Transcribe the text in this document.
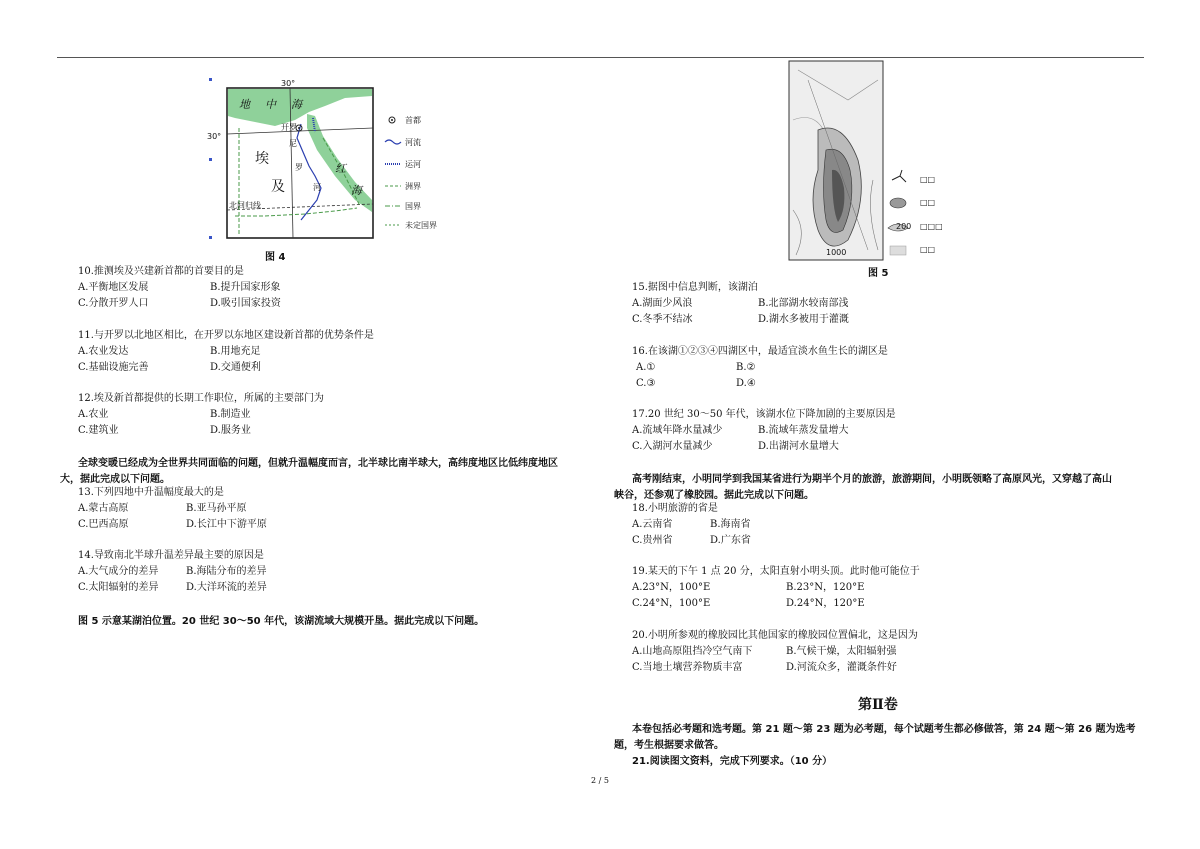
30°
30°
地 中 海
埃
及
开罗
尼
罗
河
红
海
北回归线
首都
河流
运河
洲界
国界
未定国界
图 4
10.推测埃及兴建新首都的首要目的是
A.平衡地区发展	B.提升国家形象
C.分散开罗人口	D.吸引国家投资
11.与开罗以北地区相比，在开罗以东地区建设新首都的优势条件是
A.农业发达	B.用地充足
C.基础设施完善	D.交通便利
12.埃及新首都提供的长期工作职位，所属的主要部门为
A.农业	B.制造业
C.建筑业	D.服务业
全球变暖已经成为全世界共同面临的问题，但就升温幅度而言，北半球比南半球大，高纬度地区比低纬度地区
大，据此完成以下问题。
13.下列四地中升温幅度最大的是
A.蒙古高原	B.亚马孙平原
C.巴西高原	D.长江中下游平原
14.导致南北半球升温差异最主要的原因是
A.大气成分的差异	B.海陆分布的差异
C.太阳辐射的差异	D.大洋环流的差异
图 5 示意某湖泊位置。20 世纪 30～50 年代，该湖流域大规模开垦。据此完成以下问题。
200
1000
□□
□□
□□□
□□
图 5
15.据图中信息判断，该湖泊
A.湖面少风浪	B.北部湖水较南部浅
C.冬季不结冰	D.湖水多被用于灌溉
16.在该湖①②③④四湖区中，最适宜淡水鱼生长的湖区是
A.①	B.②
C.③	D.④
17.20 世纪 30～50 年代，该湖水位下降加剧的主要原因是
A.流域年降水量减少	B.流域年蒸发量增大
C.入湖河水量减少	D.出湖河水量增大
高考刚结束，小明同学到我国某省进行为期半个月的旅游，旅游期间，小明既领略了高原风光，又穿越了高山
峡谷，还参观了橡胶园。据此完成以下问题。
18.小明旅游的省是
A.云南省	B.海南省
C.贵州省	D.广东省
19.某天的下午 1 点 20 分，太阳直射小明头顶。此时他可能位于
A.23°N，100°E	B.23°N，120°E
C.24°N，100°E	D.24°N，120°E
20.小明所参观的橡胶园比其他国家的橡胶园位置偏北，这是因为
A.山地高原阻挡冷空气南下	B.气候干燥，太阳辐射强
C.当地土壤营养物质丰富	D.河流众多，灌溉条件好
第Ⅱ卷
本卷包括必考题和选考题。第 21 题～第 23 题为必考题，每个试题考生都必修做答，第 24 题～第 26 题为选考
题，考生根据要求做答。
21.阅读图文资料，完成下列要求。（10 分）
2 / 5
